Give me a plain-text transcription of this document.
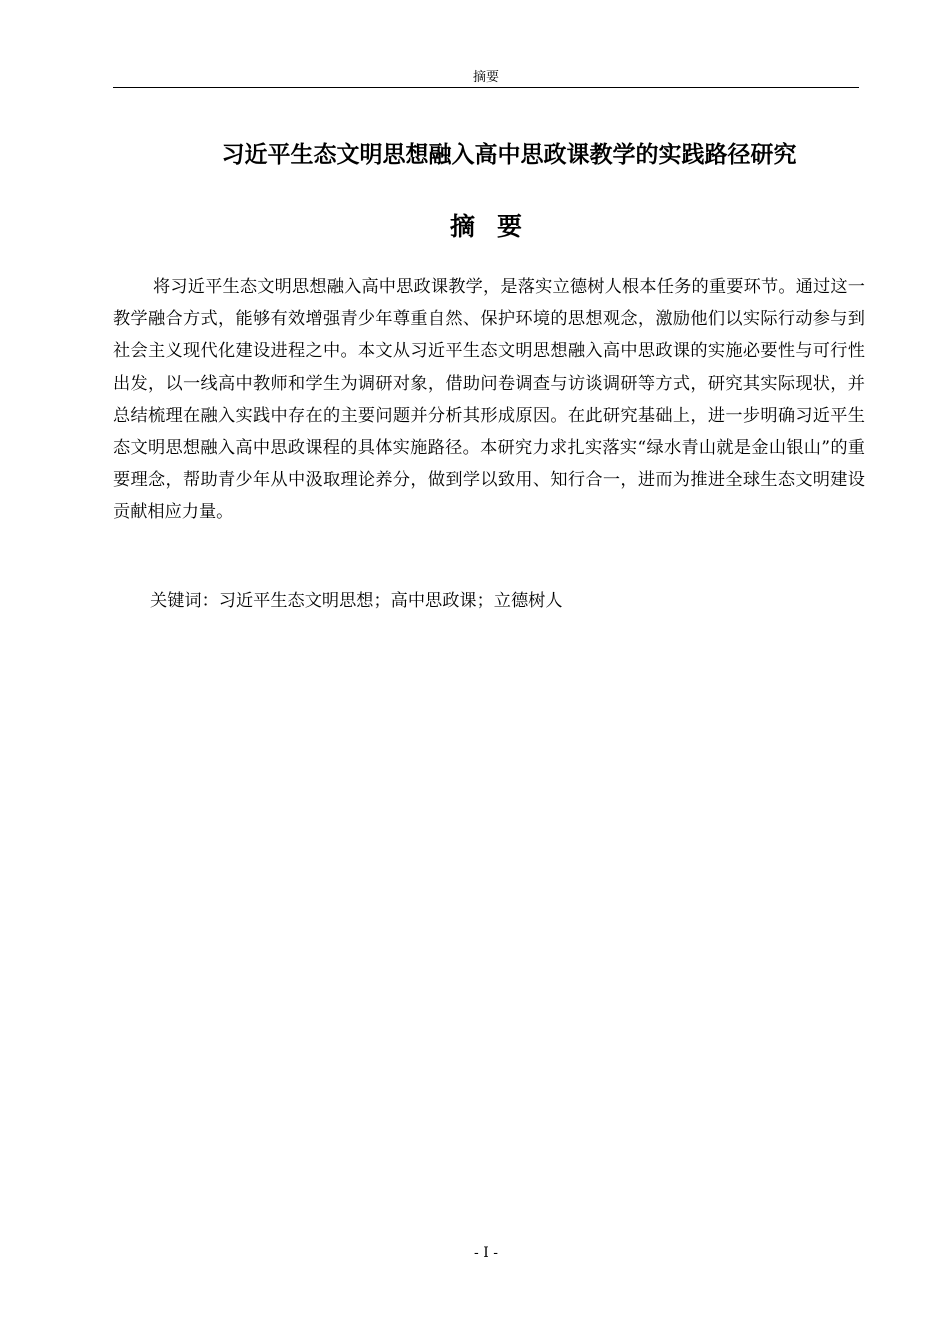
摘要
习近平生态文明思想融入高中思政课教学的实践路径研究
摘要

将习近平生态文明思想融入高中思政课教学，是落实立德树人根本任务的重要环节。通过这一教学融合方式，能够有效增强青少年尊重自然、保护环境的思想观念，激励他们以实际行动参与到社会主义现代化建设进程之中。本文从习近平生态文明思想融入高中思政课的实施必要性与可行性出发，以一线高中教师和学生为调研对象，借助问卷调查与访谈调研等方式，研究其实际现状，并总结梳理在融入实践中存在的主要问题并分析其形成原因。在此研究基础上，进一步明确习近平生态文明思想融入高中思政课程的具体实施路径。本研究力求扎实落实“绿水青山就是金山银山”的重要理念，帮助青少年从中汲取理论养分，做到学以致用、知行合一，进而为推进全球生态文明建设贡献相应力量。

关键词：习近平生态文明思想；高中思政课；立德树人

- I -
